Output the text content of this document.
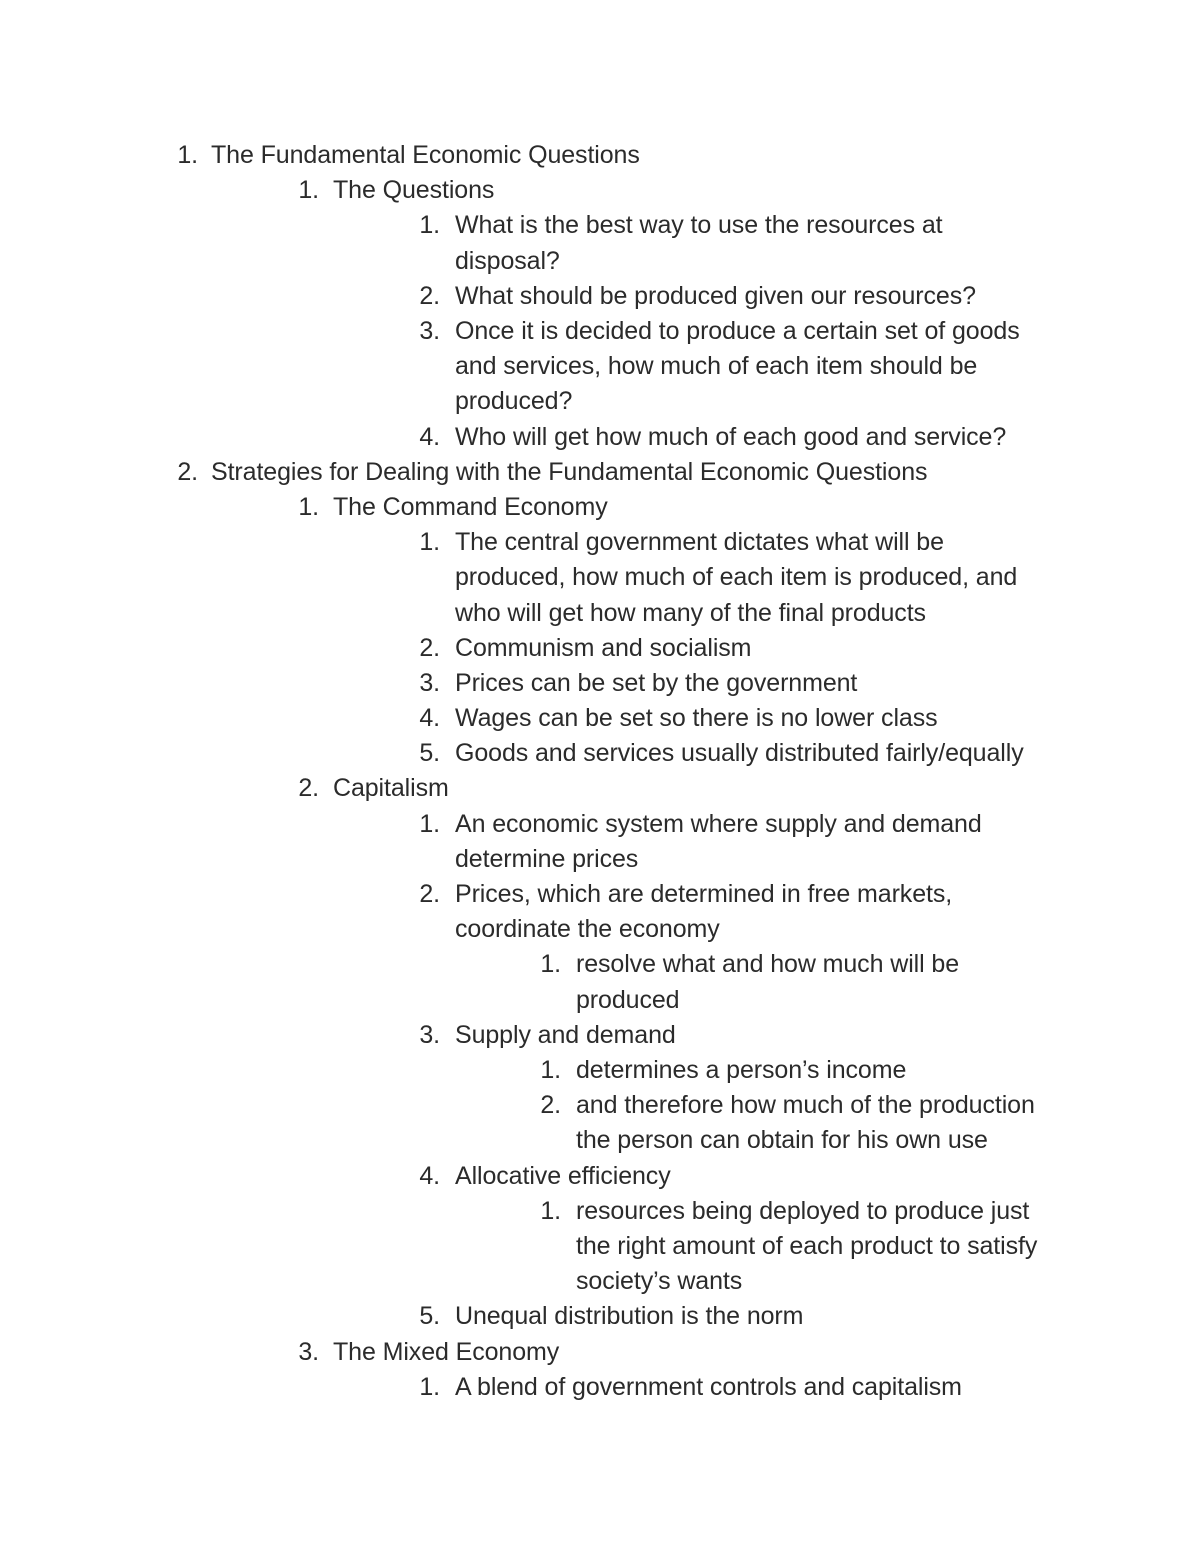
1. The Fundamental Economic Questions
1. The Questions
1. What is the best way to use the resources at
disposal?
2. What should be produced given our resources?
3. Once it is decided to produce a certain set of goods
and services, how much of each item should be
produced?
4. Who will get how much of each good and service?
2. Strategies for Dealing with the Fundamental Economic Questions
1. The Command Economy
1. The central government dictates what will be
produced, how much of each item is produced, and
who will get how many of the final products
2. Communism and socialism
3. Prices can be set by the government
4. Wages can be set so there is no lower class
5. Goods and services usually distributed fairly/equally
2. Capitalism
1. An economic system where supply and demand
determine prices
2. Prices, which are determined in free markets,
coordinate the economy
1. resolve what and how much will be
produced
3. Supply and demand
1. determines a person’s income
2. and therefore how much of the production
the person can obtain for his own use
4. Allocative efficiency
1. resources being deployed to produce just
the right amount of each product to satisfy
society’s wants
5. Unequal distribution is the norm
3. The Mixed Economy
1. A blend of government controls and capitalism
